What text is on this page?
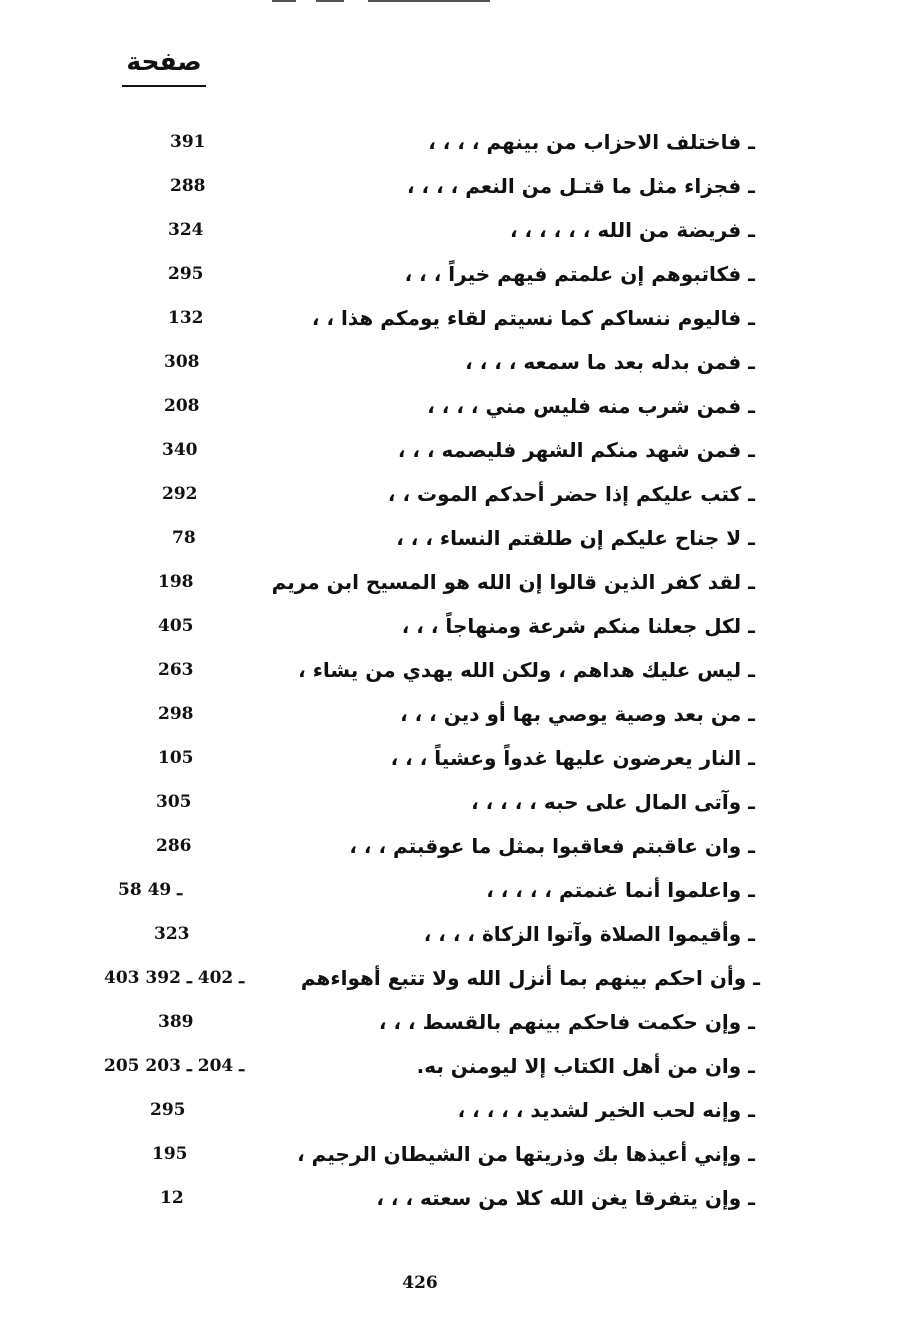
صفحة
ـ فاختلف الاحزاب من بينهم ، ، ، ،
391
ـ فجزاء مثل ما قتـل من النعم ، ، ، ،
288
ـ فريضة من الله ، ، ، ، ، ،
324
ـ فكاتبوهم إن علمتم فيهم خيراً ، ، ،
295
ـ فاليوم ننساكم كما نسيتم لقاء يومكم هذا ، ،
132
ـ فمن بدله بعد ما سمعه ، ، ، ،
308
ـ فمن شرب منه فليس مني ، ، ، ،
208
ـ فمن شهد منكم الشهر فليصمه ، ، ،
340
ـ كتب عليكم إذا حضر أحدكم الموت ، ،
292
ـ لا جناح عليكم إن طلقتم النساء ، ، ،
78
ـ لقد كفر الذين قالوا إن الله هو المسيح ابن مريم
198
ـ لكل جعلنا منكم شرعة ومنهاجاً ، ، ،
405
ـ ليس عليك هداهم ، ولكن الله يهدي من يشاء ،
263
ـ من بعد وصية يوصي بها أو دين ، ، ،
298
ـ النار يعرضون عليها غدواً وعشياً ، ، ،
105
ـ وآتى المال على حبه ، ، ، ، ،
305
ـ وان عاقبتم فعاقبوا بمثل ما عوقبتم ، ، ،
286
ـ واعلموا أنما غنمتم ، ، ، ، ،
58 ـ 49
ـ وأقيموا الصلاة وآتوا الزكاة ، ، ، ،
323
ـ وأن احكم بينهم بما أنزل الله ولا تتبع أهواءهم
403 ـ 402 ـ 392
ـ وإن حكمت فاحكم بينهم بالقسط ، ، ،
389
ـ وان من أهل الكتاب إلا ليومنن به.
205 ـ 204 ـ 203
ـ وإنه لحب الخير لشديد ، ، ، ، ،
295
ـ وإني أعيذها بك وذريتها من الشيطان الرجيم ،
195
ـ وإن يتفرقا يغن الله كلا من سعته ، ، ،
12
426
